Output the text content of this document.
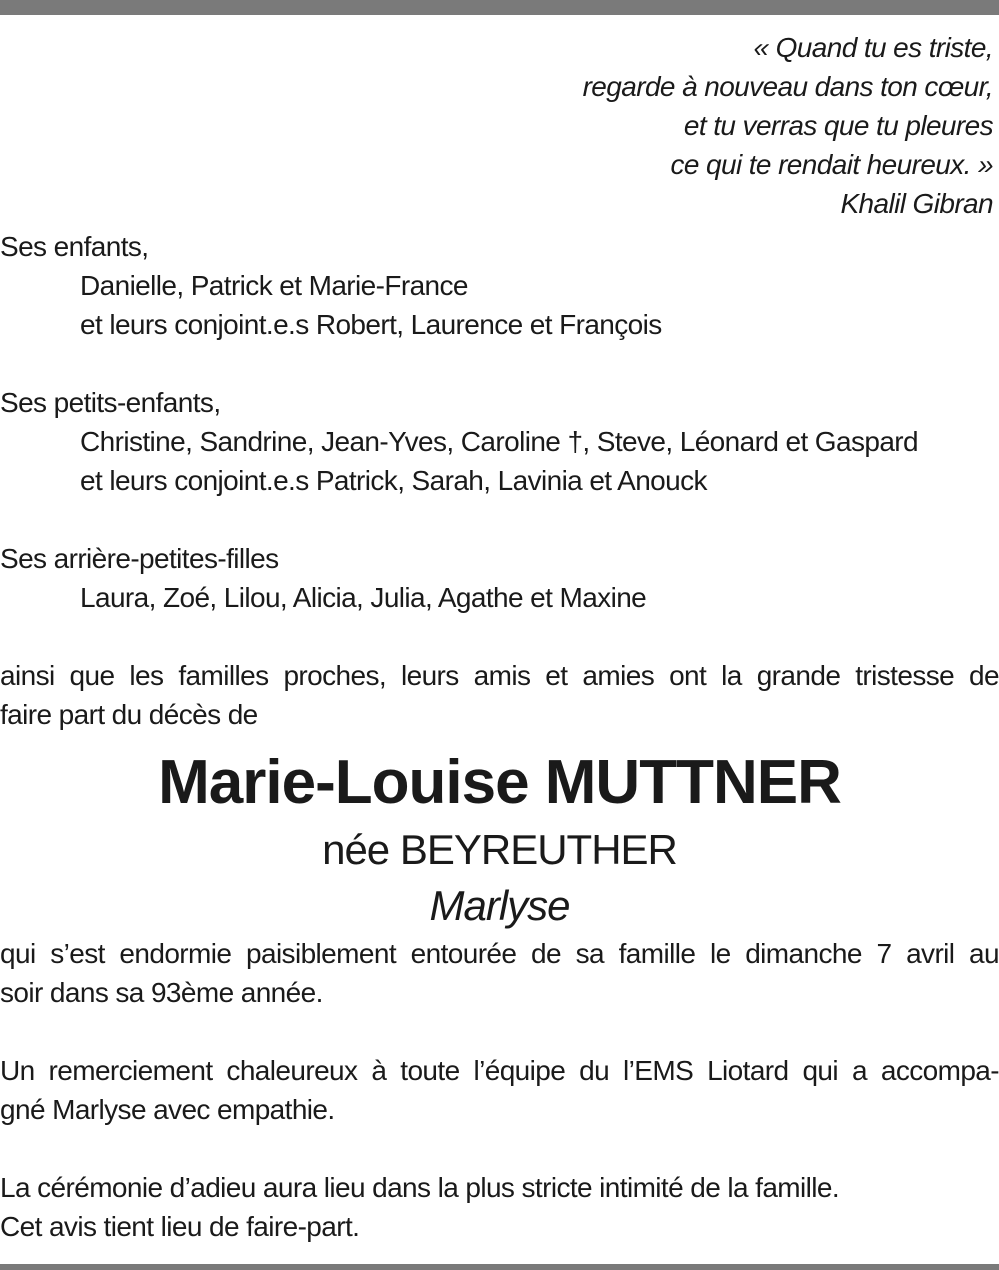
« Quand tu es triste,
regarde à nouveau dans ton cœur,
et tu verras que tu pleures
ce qui te rendait heureux. »
Khalil Gibran
Ses enfants,
Danielle, Patrick et Marie-France
et leurs conjoint.e.s Robert, Laurence et François
Ses petits-enfants,
Christine, Sandrine, Jean-Yves, Caroline †, Steve, Léonard et Gaspard
et leurs conjoint.e.s Patrick, Sarah, Lavinia et Anouck
Ses arrière-petites-filles
Laura, Zoé, Lilou, Alicia, Julia, Agathe et Maxine
ainsi que les familles proches, leurs amis et amies ont la grande tristesse de
faire part du décès de
Marie-Louise MUTTNER
née BEYREUTHER
Marlyse
qui s’est endormie paisiblement entourée de sa famille le dimanche 7 avril au
soir dans sa 93ème année.
Un remerciement chaleureux à toute l’équipe du l’EMS Liotard qui a accompa-
gné Marlyse avec empathie.
La cérémonie d’adieu aura lieu dans la plus stricte intimité de la famille.
Cet avis tient lieu de faire-part.
